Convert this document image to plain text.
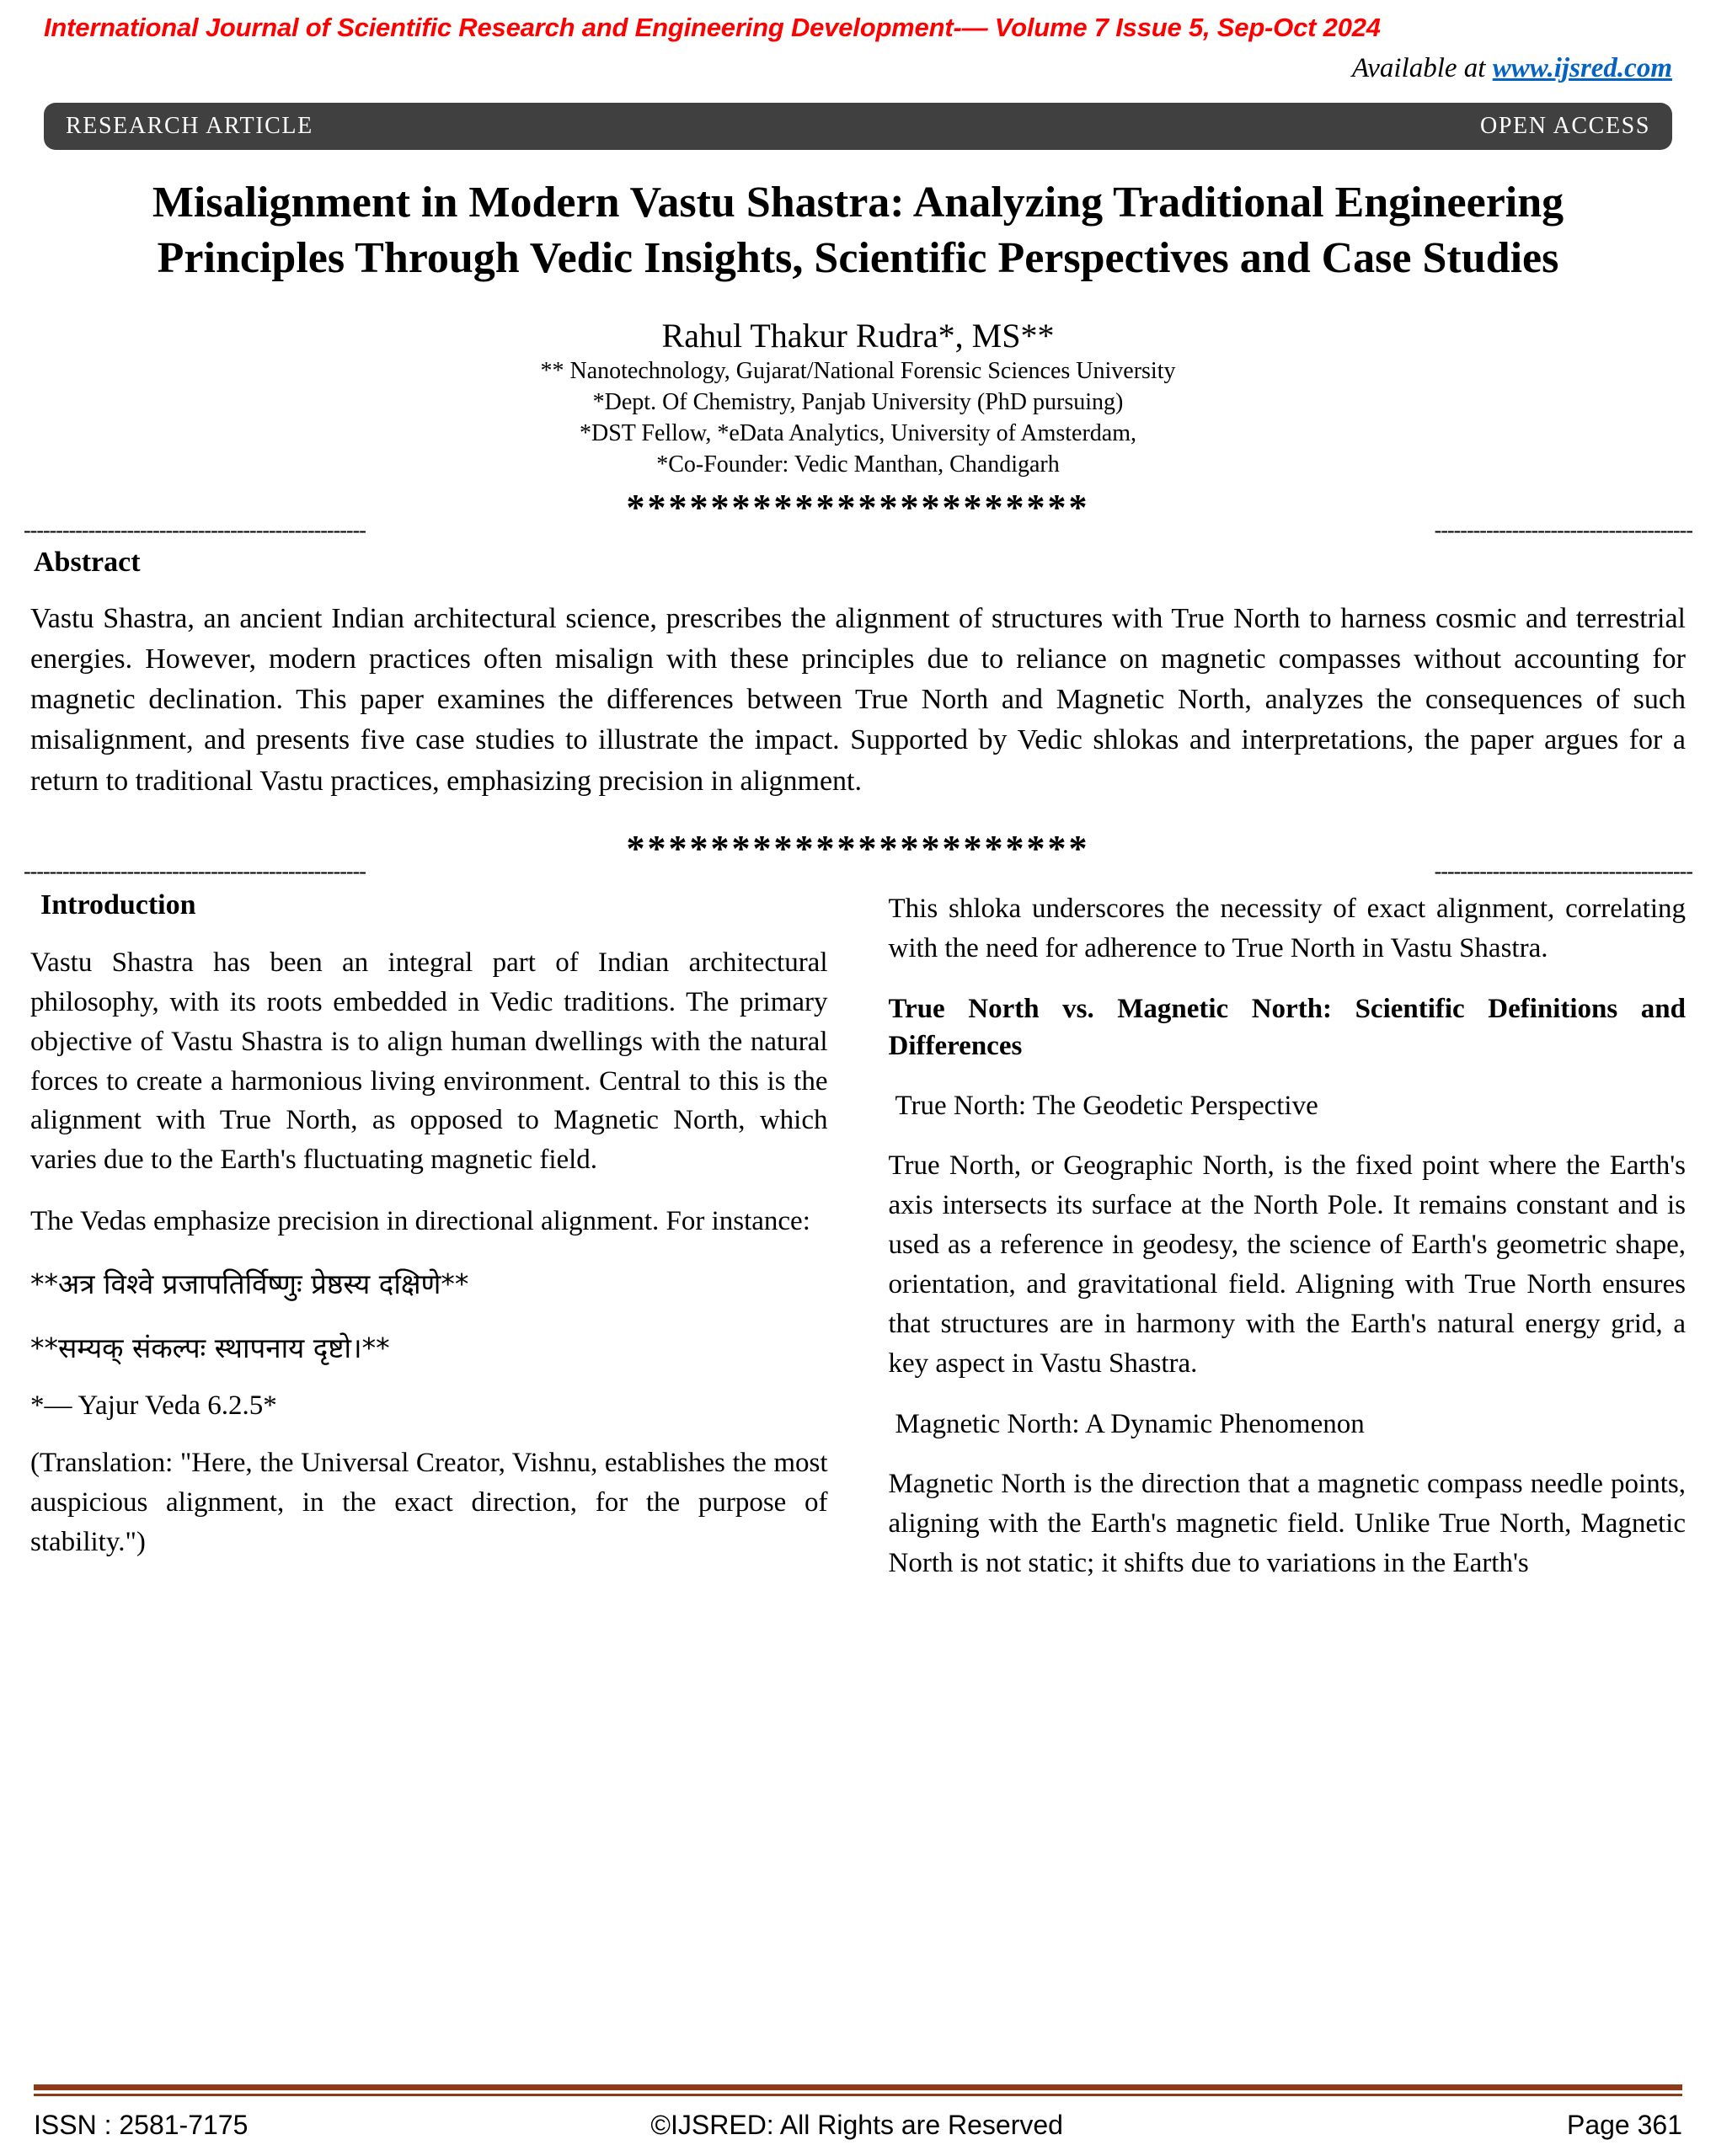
International Journal of Scientific Research and Engineering Development-— Volume 7 Issue 5, Sep-Oct 2024
Available at www.ijsred.com
RESEARCH ARTICLE	OPEN ACCESS
Misalignment in Modern Vastu Shastra: Analyzing Traditional Engineering Principles Through Vedic Insights, Scientific Perspectives and Case Studies
Rahul Thakur Rudra*, MS**
** Nanotechnology, Gujarat/National Forensic Sciences University
*Dept. Of Chemistry, Panjab University (PhD pursuing)
*DST Fellow, *eData Analytics, University of Amsterdam,
*Co-Founder: Vedic Manthan, Chandigarh
-----------------------------------------------------
**********************
----------------------------------------
Abstract
Vastu Shastra, an ancient Indian architectural science, prescribes the alignment of structures with True North to harness cosmic and terrestrial energies. However, modern practices often misalign with these principles due to reliance on magnetic compasses without accounting for magnetic declination. This paper examines the differences between True North and Magnetic North, analyzes the consequences of such misalignment, and presents five case studies to illustrate the impact. Supported by Vedic shlokas and interpretations, the paper argues for a return to traditional Vastu practices, emphasizing precision in alignment.
-----------------------------------------------------
**********************
----------------------------------------
Introduction
Vastu Shastra has been an integral part of Indian architectural philosophy, with its roots embedded in Vedic traditions. The primary objective of Vastu Shastra is to align human dwellings with the natural forces to create a harmonious living environment. Central to this is the alignment with True North, as opposed to Magnetic North, which varies due to the Earth's fluctuating magnetic field.
The Vedas emphasize precision in directional alignment. For instance:
**अत्र विश्वे प्रजापतिर्विष्णुः प्रेष्ठस्य दक्षिणे**
**सम्यक् संकल्पः स्थापनाय दृष्टो।**
*— Yajur Veda 6.2.5*
(Translation: "Here, the Universal Creator, Vishnu, establishes the most auspicious alignment, in the exact direction, for the purpose of stability.")
This shloka underscores the necessity of exact alignment, correlating with the need for adherence to True North in Vastu Shastra.
True North vs. Magnetic North: Scientific Definitions and Differences
True North: The Geodetic Perspective
True North, or Geographic North, is the fixed point where the Earth's axis intersects its surface at the North Pole. It remains constant and is used as a reference in geodesy, the science of Earth's geometric shape, orientation, and gravitational field. Aligning with True North ensures that structures are in harmony with the Earth's natural energy grid, a key aspect in Vastu Shastra.
Magnetic North: A Dynamic Phenomenon
Magnetic North is the direction that a magnetic compass needle points, aligning with the Earth's magnetic field. Unlike True North, Magnetic North is not static; it shifts due to variations in the Earth's
ISSN : 2581-7175	©IJSRED: All Rights are Reserved	Page 361
